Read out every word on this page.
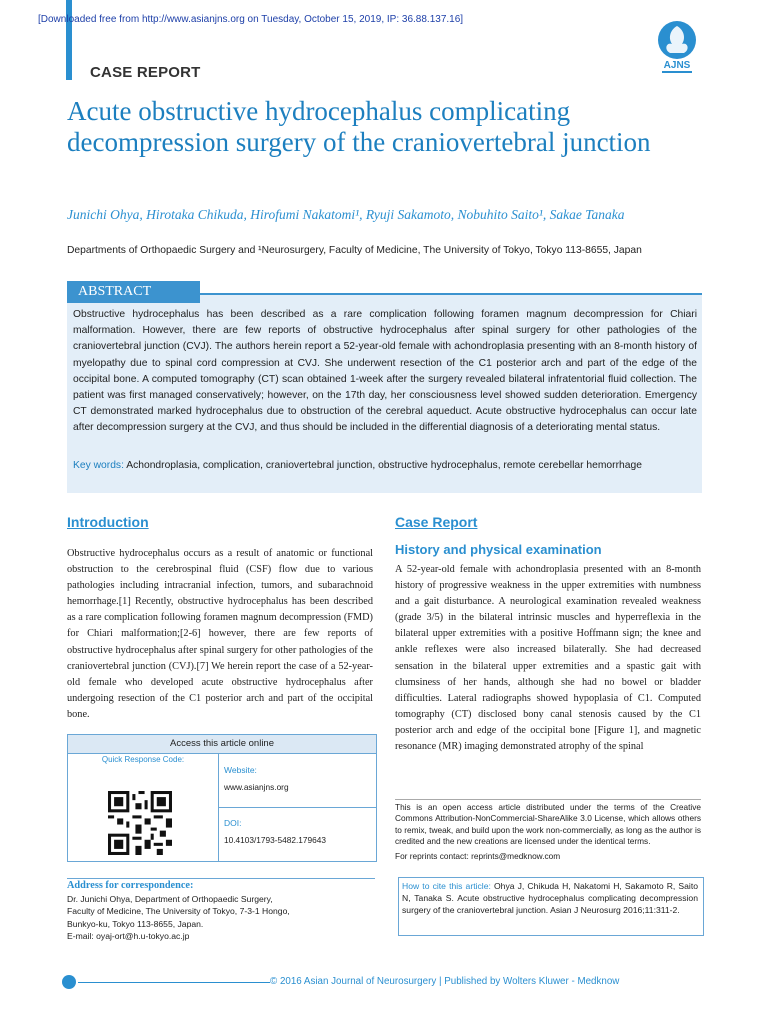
[Downloaded free from http://www.asianjns.org on Tuesday, October 15, 2019, IP: 36.88.137.16]
CASE REPORT	AJNS
Acute obstructive hydrocephalus complicating decompression surgery of the craniovertebral junction
Junichi Ohya, Hirotaka Chikuda, Hirofumi Nakatomi¹, Ryuji Sakamoto, Nobuhito Saito¹, Sakae Tanaka
Departments of Orthopaedic Surgery and ¹Neurosurgery, Faculty of Medicine, The University of Tokyo, Tokyo 113-8655, Japan
ABSTRACT
Obstructive hydrocephalus has been described as a rare complication following foramen magnum decompression for Chiari malformation. However, there are few reports of obstructive hydrocephalus after spinal surgery for other pathologies of the craniovertebral junction (CVJ). The authors herein report a 52-year-old female with achondroplasia presenting with an 8-month history of myelopathy due to spinal cord compression at CVJ. She underwent resection of the C1 posterior arch and part of the edge of the occipital bone. A computed tomography (CT) scan obtained 1-week after the surgery revealed bilateral infratentorial fluid collection. The patient was first managed conservatively; however, on the 17th day, her consciousness level showed sudden deterioration. Emergency CT demonstrated marked hydrocephalus due to obstruction of the cerebral aqueduct. Acute obstructive hydrocephalus can occur late after decompression surgery at the CVJ, and thus should be included in the differential diagnosis of a deteriorating mental status.
Key words: Achondroplasia, complication, craniovertebral junction, obstructive hydrocephalus, remote cerebellar hemorrhage
Introduction
Obstructive hydrocephalus occurs as a result of anatomic or functional obstruction to the cerebrospinal fluid (CSF) flow due to various pathologies including intracranial infection, tumors, and subarachnoid hemorrhage.[1] Recently, obstructive hydrocephalus has been described as a rare complication following foramen magnum decompression (FMD) for Chiari malformation;[2-6] however, there are few reports of obstructive hydrocephalus after spinal surgery for other pathologies of the craniovertebral junction (CVJ).[7] We herein report the case of a 52-year-old female who developed acute obstructive hydrocephalus after undergoing resection of the C1 posterior arch and part of the occipital bone.
Case Report
History and physical examination
A 52-year-old female with achondroplasia presented with an 8-month history of progressive weakness in the upper extremities with numbness and a gait disturbance. A neurological examination revealed weakness (grade 3/5) in the bilateral intrinsic muscles and hyperreflexia in the bilateral upper extremities with a positive Hoffmann sign; the knee and ankle reflexes were also increased bilaterally. She had decreased sensation in the bilateral upper extremities and a spastic gait with clumsiness of her hands, although she had no bowel or bladder difficulties. Lateral radiographs showed hypoplasia of C1. Computed tomography (CT) disclosed bony canal stenosis caused by the C1 posterior arch and edge of the occipital bone [Figure 1], and magnetic resonance (MR) imaging demonstrated atrophy of the spinal
Access this article online
Quick Response Code:
Website:
www.asianjns.org
DOI:
10.4103/1793-5482.179643
This is an open access article distributed under the terms of the Creative Commons Attribution-NonCommercial-ShareAlike 3.0 License, which allows others to remix, tweak, and build upon the work non-commercially, as long as the author is credited and the new creations are licensed under the identical terms.
For reprints contact: reprints@medknow.com
Address for correspondence:
Dr. Junichi Ohya, Department of Orthopaedic Surgery,
Faculty of Medicine, The University of Tokyo, 7-3-1 Hongo,
Bunkyo-ku, Tokyo 113-8655, Japan.
E-mail: oyaj-ort@h.u-tokyo.ac.jp
How to cite this article: Ohya J, Chikuda H, Nakatomi H, Sakamoto R, Saito N, Tanaka S. Acute obstructive hydrocephalus complicating decompression surgery of the craniovertebral junction. Asian J Neurosurg 2016;11:311-2.
© 2016 Asian Journal of Neurosurgery | Published by Wolters Kluwer - Medknow
